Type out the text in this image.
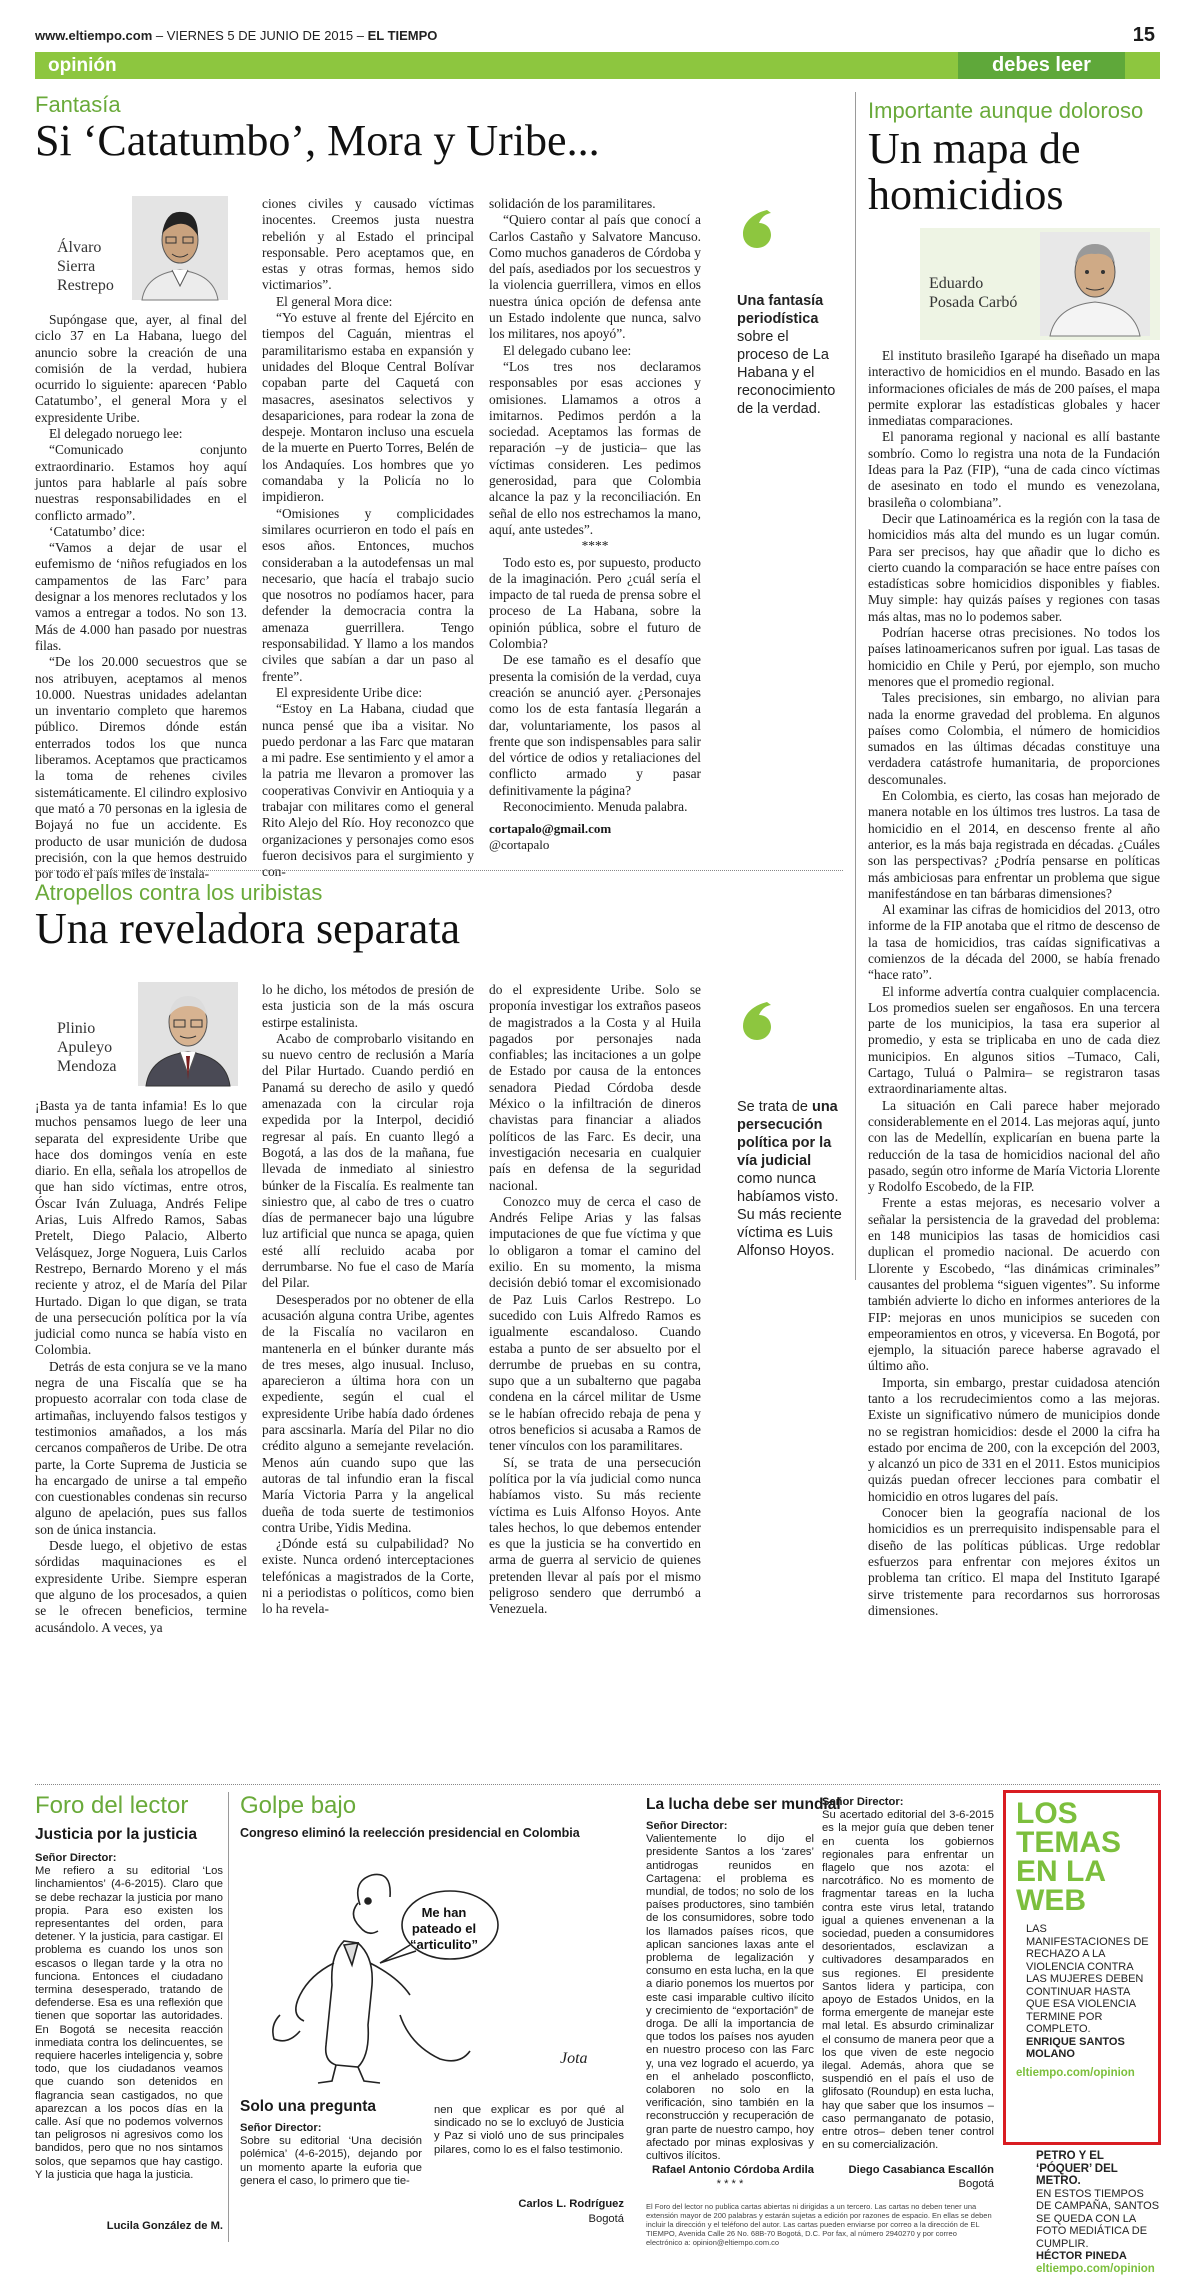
www.eltiempo.com – VIERNES 5 DE JUNIO DE 2015 – EL TIEMPO	15
opinión	debes leer
Fantasía
Si ‘Catatumbo’, Mora y Uribe...
Álvaro Sierra Restrepo

Supóngase que, ayer, al final del ciclo 37 en La Habana, luego del anuncio sobre la creación de una comisión de la verdad, hubiera ocurrido lo siguiente: aparecen ‘Pablo Catatumbo’, el general Mora y el expresidente Uribe.

El delegado noruego lee:

“Comunicado conjunto extraordinario. Estamos hoy aquí juntos para hablarle al país sobre nuestras responsabilidades en el conflicto armado”.

‘Catatumbo’ dice:

“Vamos a dejar de usar el eufemismo de ‘niños refugiados en los campamentos de las Farc’ para designar a los menores reclutados y los vamos a entregar a todos. No son 13. Más de 4.000 han pasado por nuestras filas.

“De los 20.000 secuestros que se nos atribuyen, aceptamos al menos 10.000. Nuestras unidades adelantan un inventario completo que haremos público. Diremos dónde están enterrados todos los que nunca liberamos. Aceptamos que practicamos la toma de rehenes civiles sistemáticamente. El cilindro explosivo que mató a 70 personas en la iglesia de Bojayá no fue un accidente. Es producto de usar munición de dudosa precisión, con la que hemos destruido por todo el país miles de instala-

ciones civiles y causado víctimas inocentes. Creemos justa nuestra rebelión y al Estado el principal responsable. Pero aceptamos que, en estas y otras formas, hemos sido victimarios”.

El general Mora dice:

“Yo estuve al frente del Ejército en tiempos del Caguán, mientras el paramilitarismo estaba en expansión y unidades del Bloque Central Bolívar copaban parte del Caquetá con masacres, asesinatos selectivos y desapariciones, para rodear la zona de despeje. Montaron incluso una escuela de la muerte en Puerto Torres, Belén de los Andaquíes. Los hombres que yo comandaba y la Policía no lo impidieron.

“Omisiones y complicidades similares ocurrieron en todo el país en esos años. Entonces, muchos consideraban a la autodefensas un mal necesario, que hacía el trabajo sucio que nosotros no podíamos hacer, para defender la democracia contra la amenaza guerrillera. Tengo responsabilidad. Y llamo a los mandos civiles que sabían a dar un paso al frente”.

El expresidente Uribe dice:

“Estoy en La Habana, ciudad que nunca pensé que iba a visitar. No puedo perdonar a las Farc que mataran a mi padre. Ese sentimiento y el amor a la patria me llevaron a promover las cooperativas Convivir en Antioquia y a trabajar con militares como el general Rito Alejo del Río. Hoy reconozco que organizaciones y personajes como esos fueron decisivos para el surgimiento y con-

solidación de los paramilitares.

“Quiero contar al país que conocí a Carlos Castaño y Salvatore Mancuso. Como muchos ganaderos de Córdoba y del país, asediados por los secuestros y la violencia guerrillera, vimos en ellos nuestra única opción de defensa ante un Estado indolente que nunca, salvo los militares, nos apoyó”.

El delegado cubano lee:

“Los tres nos declaramos responsables por esas acciones y omisiones. Llamamos a otros a imitarnos. Pedimos perdón a la sociedad. Aceptamos las formas de reparación –y de justicia– que las víctimas consideren. Les pedimos generosidad, para que Colombia alcance la paz y la reconciliación. En señal de ello nos estrechamos la mano, aquí, ante ustedes”.

****

Todo esto es, por supuesto, producto de la imaginación. Pero ¿cuál sería el impacto de tal rueda de prensa sobre el proceso de La Habana, sobre la opinión pública, sobre el futuro de Colombia?

De ese tamaño es el desafío que presenta la comisión de la verdad, cuya creación se anunció ayer. ¿Personajes como los de esta fantasía llegarán a dar, voluntariamente, los pasos al frente que son indispensables para salir del vórtice de odios y retaliaciones del conflicto armado y pasar definitivamente la página?

Reconocimiento. Menuda palabra.

cortapalo@gmail.com
@cortapalo
Una fantasía periodística sobre el proceso de La Habana y el reconocimiento de la verdad.
Atropellos contra los uribistas
Una reveladora separata
Plinio Apuleyo Mendoza

¡Basta ya de tanta infamia! Es lo que muchos pensamos luego de leer una separata del expresidente Uribe que hace dos domingos venía en este diario. En ella, señala los atropellos de que han sido víctimas, entre otros, Óscar Iván Zuluaga, Andrés Felipe Arias, Luis Alfredo Ramos, Sabas Pretelt, Diego Palacio, Alberto Velásquez, Jorge Noguera, Luis Carlos Restrepo, Bernardo Moreno y el más reciente y atroz, el de María del Pilar Hurtado. Digan lo que digan, se trata de una persecución política por la vía judicial como nunca se había visto en Colombia.

Detrás de esta conjura se ve la mano negra de una Fiscalía que se ha propuesto acorralar con toda clase de artimañas, incluyendo falsos testigos y testimonios amañados, a los más cercanos compañeros de Uribe. De otra parte, la Corte Suprema de Justicia se ha encargado de unirse a tal empeño con cuestionables condenas sin recurso alguno de apelación, pues sus fallos son de única instancia.

Desde luego, el objetivo de estas sórdidas maquinaciones es el expresidente Uribe. Siempre esperan que alguno de los procesados, a quien se le ofrecen beneficios, termine acusándolo. A veces, ya

lo he dicho, los métodos de presión de esta justicia son de la más oscura estirpe estalinista.

Acabo de comprobarlo visitando en su nuevo centro de reclusión a María del Pilar Hurtado. Cuando perdió en Panamá su derecho de asilo y quedó amenazada con la circular roja expedida por la Interpol, decidió regresar al país. En cuanto llegó a Bogotá, a las dos de la mañana, fue llevada de inmediato al siniestro búnker de la Fiscalía. Es realmente tan siniestro que, al cabo de tres o cuatro días de permanecer bajo una lúgubre luz artificial que nunca se apaga, quien esté allí recluido acaba por derrumbarse. No fue el caso de María del Pilar.

Desesperados por no obtener de ella acusación alguna contra Uribe, agentes de la Fiscalía no vacilaron en mantenerla en el búnker durante más de tres meses, algo inusual. Incluso, aparecieron a última hora con un expediente, según el cual el expresidente Uribe había dado órdenes para ascsinarla. María del Pilar no dio crédito alguno a semejante revelación. Menos aún cuando supo que las autoras de tal infundio eran la fiscal María Victoria Parra y la angelical dueña de toda suerte de testimonios contra Uribe, Yidis Medina.

¿Dónde está su culpabilidad? No existe. Nunca ordenó interceptaciones telefónicas a magistrados de la Corte, ni a periodistas o políticos, como bien lo ha revela-

do el expresidente Uribe. Solo se proponía investigar los extraños paseos de magistrados a la Costa y al Huila pagados por personajes nada confiables; las incitaciones a un golpe de Estado por causa de la entonces senadora Piedad Córdoba desde México o la infiltración de dineros chavistas para financiar a aliados políticos de las Farc. Es decir, una investigación necesaria en cualquier país en defensa de la seguridad nacional.

Conozco muy de cerca el caso de Andrés Felipe Arias y las falsas imputaciones de que fue víctima y que lo obligaron a tomar el camino del exilio. En su momento, la misma decisión debió tomar el excomisionado de Paz Luis Carlos Restrepo. Lo sucedido con Luis Alfredo Ramos es igualmente escandaloso. Cuando estaba a punto de ser absuelto por el derrumbe de pruebas en su contra, supo que a un subalterno que pagaba condena en la cárcel militar de Usme se le habían ofrecido rebaja de pena y otros beneficios si acusaba a Ramos de tener vínculos con los paramilitares.

Sí, se trata de una persecución política por la vía judicial como nunca habíamos visto. Su más reciente víctima es Luis Alfonso Hoyos. Ante tales hechos, lo que debemos entender es que la justicia se ha convertido en arma de guerra al servicio de quienes pretenden llevar al país por el mismo peligroso sendero que derrumbó a Venezuela.

Se trata de una persecución política por la vía judicial como nunca habíamos visto. Su más reciente víctima es Luis Alfonso Hoyos.
Importante aunque doloroso
Un mapa de homicidios
Eduardo Posada Carbó

El instituto brasileño Igarapé ha diseñado un mapa interactivo de homicidios en el mundo. Basado en las informaciones oficiales de más de 200 países, el mapa permite explorar las estadísticas globales y hacer inmediatas comparaciones.

El panorama regional y nacional es allí bastante sombrío. Como lo registra una nota de la Fundación Ideas para la Paz (FIP), “una de cada cinco víctimas de asesinato en todo el mundo es venezolana, brasileña o colombiana”.

Decir que Latinoamérica es la región con la tasa de homicidios más alta del mundo es un lugar común. Para ser precisos, hay que añadir que lo dicho es cierto cuando la comparación se hace entre países con estadísticas sobre homicidios disponibles y fiables. Muy simple: hay quizás países y regiones con tasas más altas, mas no lo podemos saber.

Podrían hacerse otras precisiones. No todos los países latinoamericanos sufren por igual. Las tasas de homicidio en Chile y Perú, por ejemplo, son mucho menores que el promedio regional.

Tales precisiones, sin embargo, no alivian para nada la enorme gravedad del problema. En algunos países como Colombia, el número de homicidios sumados en las últimas décadas constituye una verdadera catástrofe humanitaria, de proporciones descomunales.

En Colombia, es cierto, las cosas han mejorado de manera notable en los últimos tres lustros. La tasa de homicidio en el 2014, en descenso frente al año anterior, es la más baja registrada en décadas. ¿Cuáles son las perspectivas? ¿Podría pensarse en políticas más ambiciosas para enfrentar un problema que sigue manifestándose en tan bárbaras dimensiones?

Al examinar las cifras de homicidios del 2013, otro informe de la FIP anotaba que el ritmo de descenso de la tasa de homicidios, tras caídas significativas a comienzos de la década del 2000, se había frenado “hace rato”.

El informe advertía contra cualquier complacencia. Los promedios suelen ser engañosos. En una tercera parte de los municipios, la tasa era superior al promedio, y esta se triplicaba en uno de cada diez municipios. En algunos sitios –Tumaco, Cali, Cartago, Tuluá o Palmira– se registraron tasas extraordinariamente altas.

La situación en Cali parece haber mejorado considerablemente en el 2014. Las mejoras aquí, junto con las de Medellín, explicarían en buena parte la reducción de la tasa de homicidios nacional del año pasado, según otro informe de María Victoria Llorente y Rodolfo Escobedo, de la FIP.

Frente a estas mejoras, es necesario volver a señalar la persistencia de la gravedad del problema: en 148 municipios las tasas de homicidios casi duplican el promedio nacional. De acuerdo con Llorente y Escobedo, “las dinámicas criminales” causantes del problema “siguen vigentes”. Su informe también advierte lo dicho en informes anteriores de la FIP: mejoras en unos municipios se suceden con empeoramientos en otros, y viceversa. En Bogotá, por ejemplo, la situación parece haberse agravado el último año.

Importa, sin embargo, prestar cuidadosa atención tanto a los recrudecimientos como a las mejoras. Existe un significativo número de municipios donde no se registran homicidios: desde el 2000 la cifra ha estado por encima de 200, con la excepción del 2003, y alcanzó un pico de 331 en el 2011. Estos municipios quizás puedan ofrecer lecciones para combatir el homicidio en otros lugares del país.

Conocer bien la geografía nacional de los homicidios es un prerrequisito indispensable para el diseño de las políticas públicas. Urge redoblar esfuerzos para enfrentar con mejores éxitos un problema tan crítico. El mapa del Instituto Igarapé sirve tristemente para recordarnos sus horrorosas dimensiones.

Foro del lector
Justicia por la justicia

Señor Director:

Me refiero a su editorial ‘Los linchamientos’ (4-6-2015). Claro que se debe rechazar la justicia por mano propia. Para eso existen los representantes del orden, para detener. Y la justicia, para castigar. El problema es cuando los unos son escasos o llegan tarde y la otra no funciona. Entonces el ciudadano termina desesperado, tratando de defenderse. Esa es una reflexión que tienen que soportar las autoridades. En Bogotá se necesita reacción inmediata contra los delincuentes, se requiere hacerles inteligencia y, sobre todo, que los ciudadanos veamos que cuando son detenidos en flagrancia sean castigados, no que aparezcan a los pocos días en la calle. Así que no podemos volvernos tan peligrosos ni agresivos como los bandidos, pero que no nos sintamos solos, que sepamos que hay castigo. Y la justicia que haga la justicia.

Lucila González de M.
Golpe bajo
Congreso eliminó la reelección presidencial en Colombia
Me han
pateado el
“articulito”
Jota
Solo una pregunta

Señor Director:

Sobre su editorial ‘Una decisión polémica’ (4-6-2015), dejando por un momento aparte la euforia que genera el caso, lo primero que tie-

nen que explicar es por qué al sindicado no se lo excluyó de Justicia y Paz si violó uno de sus principales pilares, como lo es el falso testimonio.

Carlos L. Rodríguez
Bogotá
La lucha debe ser mundial

Señor Director:

Valientemente lo dijo el presidente Santos a los ‘zares’ antidrogas reunidos en Cartagena: el problema es mundial, de todos; no solo de los países productores, sino también de los consumidores, sobre todo los llamados países ricos, que aplican sanciones laxas ante el problema de legalización y consumo en esta lucha, en la que a diario ponemos los muertos por este casi imparable cultivo ilícito y crecimiento de “exportación” de droga. De allí la importancia de que todos los países nos ayuden en nuestro proceso con las Farc y, una vez logrado el acuerdo, ya en el anhelado posconflicto, colaboren no solo en la verificación, sino también en la reconstrucción y recuperación de gran parte de nuestro campo, hoy afectado por minas explosivas y cultivos ilícitos.

Rafael Antonio Córdoba Ardila
* * * *

Señor Director:

Su acertado editorial del 3-6-2015 es la mejor guía que deben tener en cuenta los gobiernos regionales para enfrentar un flagelo que nos azota: el narcotráfico. No es momento de fragmentar tareas en la lucha contra este virus letal, tratando igual a quienes envenenan a la sociedad, pueden a consumidores desorientados, esclavizan a cultivadores desamparados en sus regiones. El presidente Santos lidera y participa, con apoyo de Estados Unidos, en la forma emergente de manejar este mal letal. Es absurdo criminalizar el consumo de manera peor que a los que viven de este negocio ilegal. Además, ahora que se suspendió en el país el uso de glifosato (Roundup) en esta lucha, hay que saber que los insumos –caso permanganato de potasio, entre otros– deben tener control en su comercialización.

Diego Casabianca Escallón
Bogotá
El Foro del lector no publica cartas abiertas ni dirigidas a un tercero. Las cartas no deben tener una extensión mayor de 200 palabras y estarán sujetas a edición por razones de espacio. En ellas se deben incluir la dirección y el teléfono del autor. Las cartas pueden enviarse por correo a la dirección de EL TIEMPO, Avenida Calle 26 No. 68B-70 Bogotá, D.C. Por fax, al número 2940270 y por correo electrónico a: opinion@eltiempo.com.co
LOS TEMAS EN LA WEB
LAS MANIFESTACIONES DE RECHAZO A LA VIOLENCIA CONTRA LAS MUJERES DEBEN CONTINUAR HASTA QUE ESA VIOLENCIA TERMINE POR COMPLETO.
ENRIQUE SANTOS MOLANO
eltiempo.com/opinion
PETRO Y EL ‘PÓQUER’ DEL METRO.
EN ESTOS TIEMPOS DE CAMPAÑA, SANTOS SE QUEDA CON LA FOTO MEDIÁTICA DE CUMPLIR.
HÉCTOR PINEDA
eltiempo.com/opinion
